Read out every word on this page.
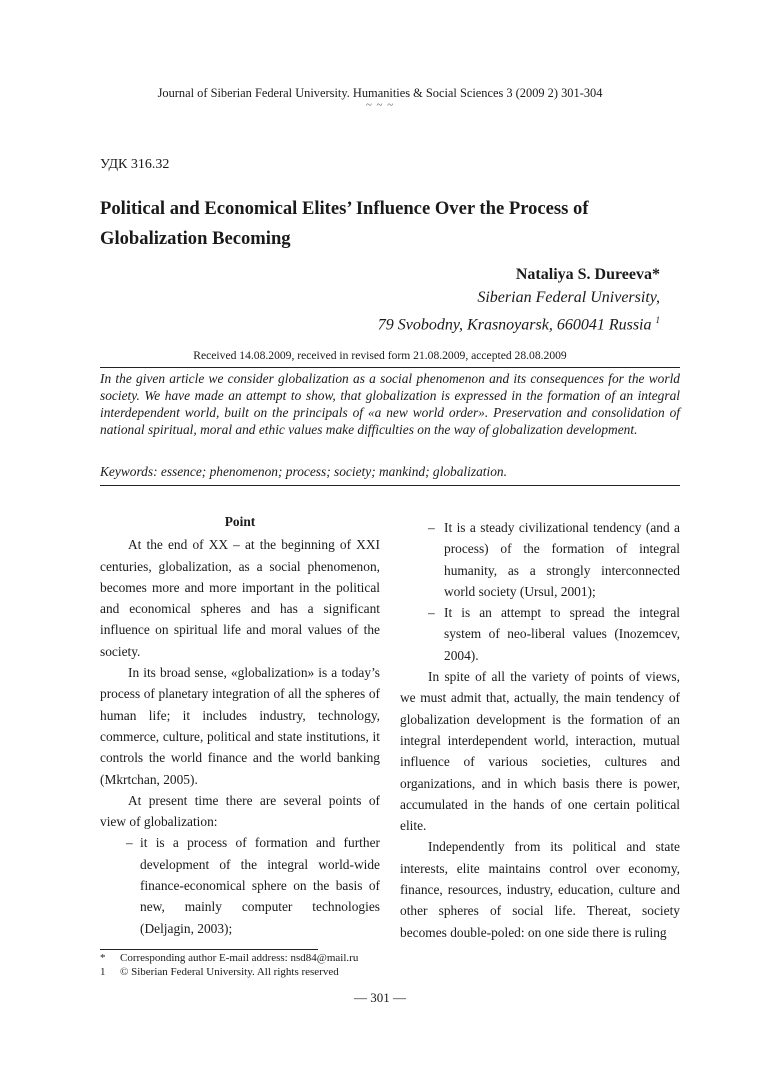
Journal of Siberian Federal University. Humanities & Social Sciences 3 (2009 2) 301-304
~ ~ ~
УДК 316.32
Political and Economical Elites’ Influence Over the Process of Globalization Becoming
Nataliya S. Dureeva*
Siberian Federal University,
79 Svobodny, Krasnoyarsk, 660041 Russia $^1$
Received 14.08.2009, received in revised form 21.08.2009, accepted 28.08.2009
In the given article we consider globalization as a social phenomenon and its consequences for the world society. We have made an attempt to show, that globalization is expressed in the formation of an integral interdependent world, built on the principals of «a new world order». Preservation and consolidation of national spiritual, moral and ethic values make difficulties on the way of globalization development.
Keywords: essence; phenomenon; process; society; mankind; globalization.

Point

At the end of XX – at the beginning of XXI centuries, globalization, as a social phenomenon, becomes more and more important in the political and economical spheres and has a significant influence on spiritual life and moral values of the society.

In its broad sense, «globalization» is a today’s process of planetary integration of all the spheres of human life; it includes industry, technology, commerce, culture, political and state institutions, it controls the world finance and the world banking (Mkrtchan, 2005).

At present time there are several points of view of globalization:

– it is a process of formation and further development of the integral world-wide finance-economical sphere on the basis of new, mainly computer technologies (Deljagin, 2003);
– It is a steady civilizational tendency (and a process) of the formation of integral humanity, as a strongly interconnected world society (Ursul, 2001);
– It is an attempt to spread the integral system of neo-liberal values (Inozemcev, 2004).

In spite of all the variety of points of views, we must admit that, actually, the main tendency of globalization development is the formation of an integral interdependent world, interaction, mutual influence of various societies, cultures and organizations, and in which basis there is power, accumulated in the hands of one certain political elite.

Independently from its political and state interests, elite maintains control over economy, finance, resources, industry, education, culture and other spheres of social life. Thereat, society becomes double-poled: on one side there is ruling

* Corresponding author E-mail address: nsd84@mail.ru
1 © Siberian Federal University. All rights reserved
— 301 —
